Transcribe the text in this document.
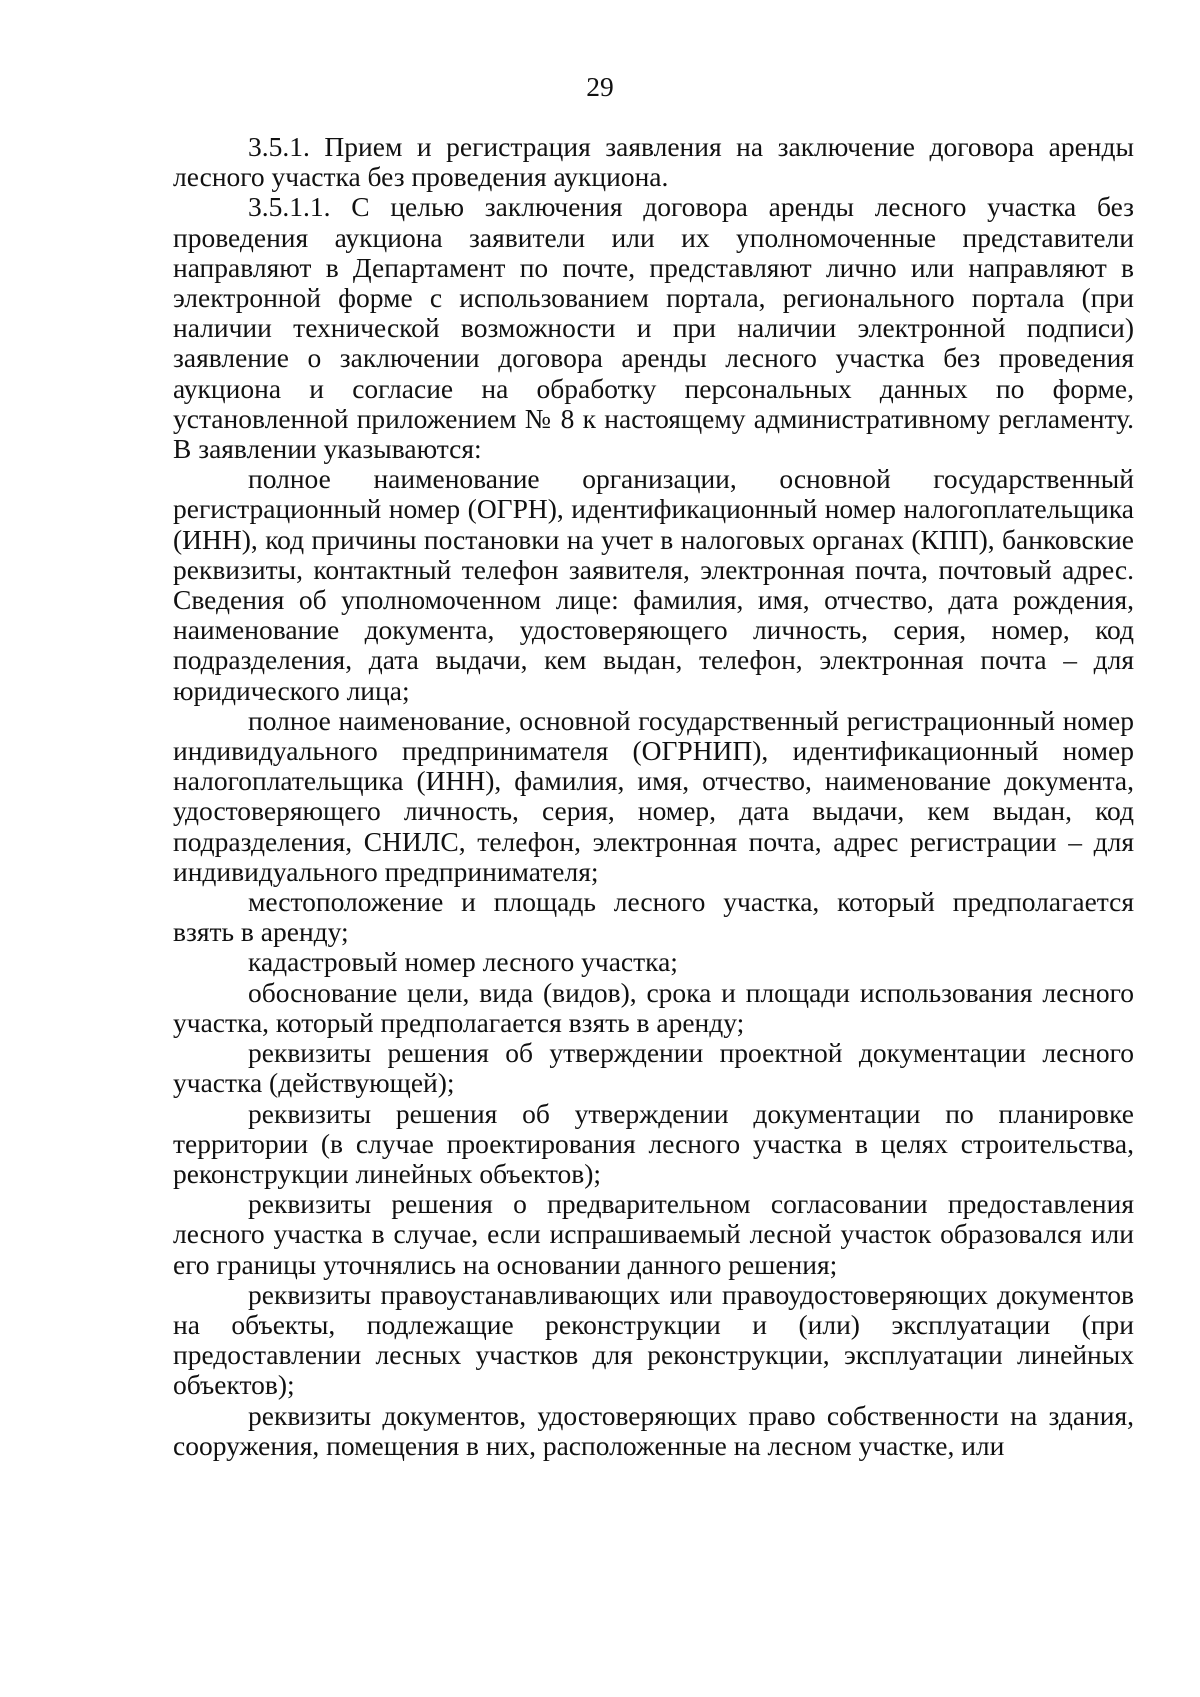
29

3.5.1. Прием и регистрация заявления на заключение договора аренды лесного участка без проведения аукциона.

3.5.1.1. С целью заключения договора аренды лесного участка без проведения аукциона заявители или их уполномоченные представители направляют в Департамент по почте, представляют лично или направляют в электронной форме с использованием портала, регионального портала (при наличии технической возможности и при наличии электронной подписи) заявление о заключении договора аренды лесного участка без проведения аукциона и согласие на обработку персональных данных по форме, установленной приложением № 8 к настоящему административному регламенту. В заявлении указываются:

полное наименование организации, основной государственный регистрационный номер (ОГРН), идентификационный номер налогоплательщика (ИНН), код причины постановки на учет в налоговых органах (КПП), банковские реквизиты, контактный телефон заявителя, электронная почта, почтовый адрес. Сведения об уполномоченном лице: фамилия, имя, отчество, дата рождения, наименование документа, удостоверяющего личность, серия, номер, код подразделения, дата выдачи, кем выдан, телефон, электронная почта – для юридического лица;

полное наименование, основной государственный регистрационный номер индивидуального предпринимателя (ОГРНИП), идентификационный номер налогоплательщика (ИНН), фамилия, имя, отчество, наименование документа, удостоверяющего личность, серия, номер, дата выдачи, кем выдан, код подразделения, СНИЛС, телефон, электронная почта, адрес регистрации – для индивидуального предпринимателя;

местоположение и площадь лесного участка, который предполагается взять в аренду;

кадастровый номер лесного участка;

обоснование цели, вида (видов), срока и площади использования лесного участка, который предполагается взять в аренду;

реквизиты решения об утверждении проектной документации лесного участка (действующей);

реквизиты решения об утверждении документации по планировке территории (в случае проектирования лесного участка в целях строительства, реконструкции линейных объектов);

реквизиты решения о предварительном согласовании предоставления лесного участка в случае, если испрашиваемый лесной участок образовался или его границы уточнялись на основании данного решения;

реквизиты правоустанавливающих или правоудостоверяющих документов на объекты, подлежащие реконструкции и (или) эксплуатации (при предоставлении лесных участков для реконструкции, эксплуатации линейных объектов);

реквизиты документов, удостоверяющих право собственности на здания, сооружения, помещения в них, расположенные на лесном участке, или
